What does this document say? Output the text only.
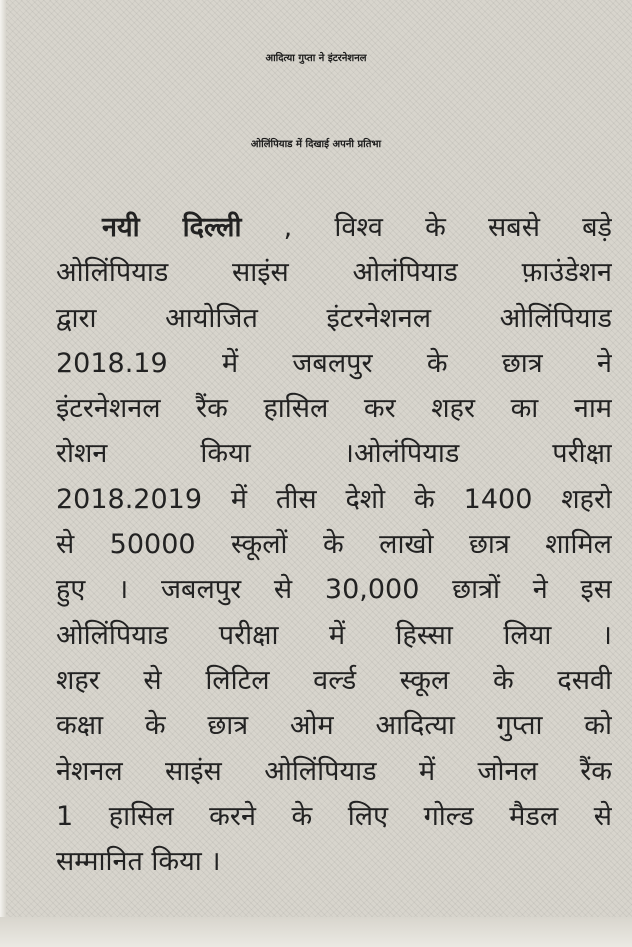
आदित्या गुप्ता ने इंटरनेशनल
ओलिंपियाड में दिखाई अपनी प्रतिभा
नयी दिल्ली , विश्व के सबसे बड़े
ओलिंपियाड साइंस ओलंपियाड फ़ाउंडेशन
द्वारा आयोजित इंटरनेशनल ओलिंपियाड
2018.19 में जबलपुर के छात्र ने
इंटरनेशनल रैंक हासिल कर शहर का नाम
रोशन किया ।ओलंपियाड परीक्षा
2018.2019 में तीस देशो के 1400 शहरो
से 50000 स्कूलों के लाखो छात्र शामिल
हुए । जबलपुर से 30,000 छात्रों ने इस
ओलिंपियाड परीक्षा में हिस्सा लिया ।
शहर से लिटिल वर्ल्ड स्कूल के दसवी
कक्षा के छात्र ओम आदित्या गुप्ता को
नेशनल साइंस ओलिंपियाड में जोनल रैंक
1 हासिल करने के लिए गोल्ड मैडल से
सम्मानित किया ।
